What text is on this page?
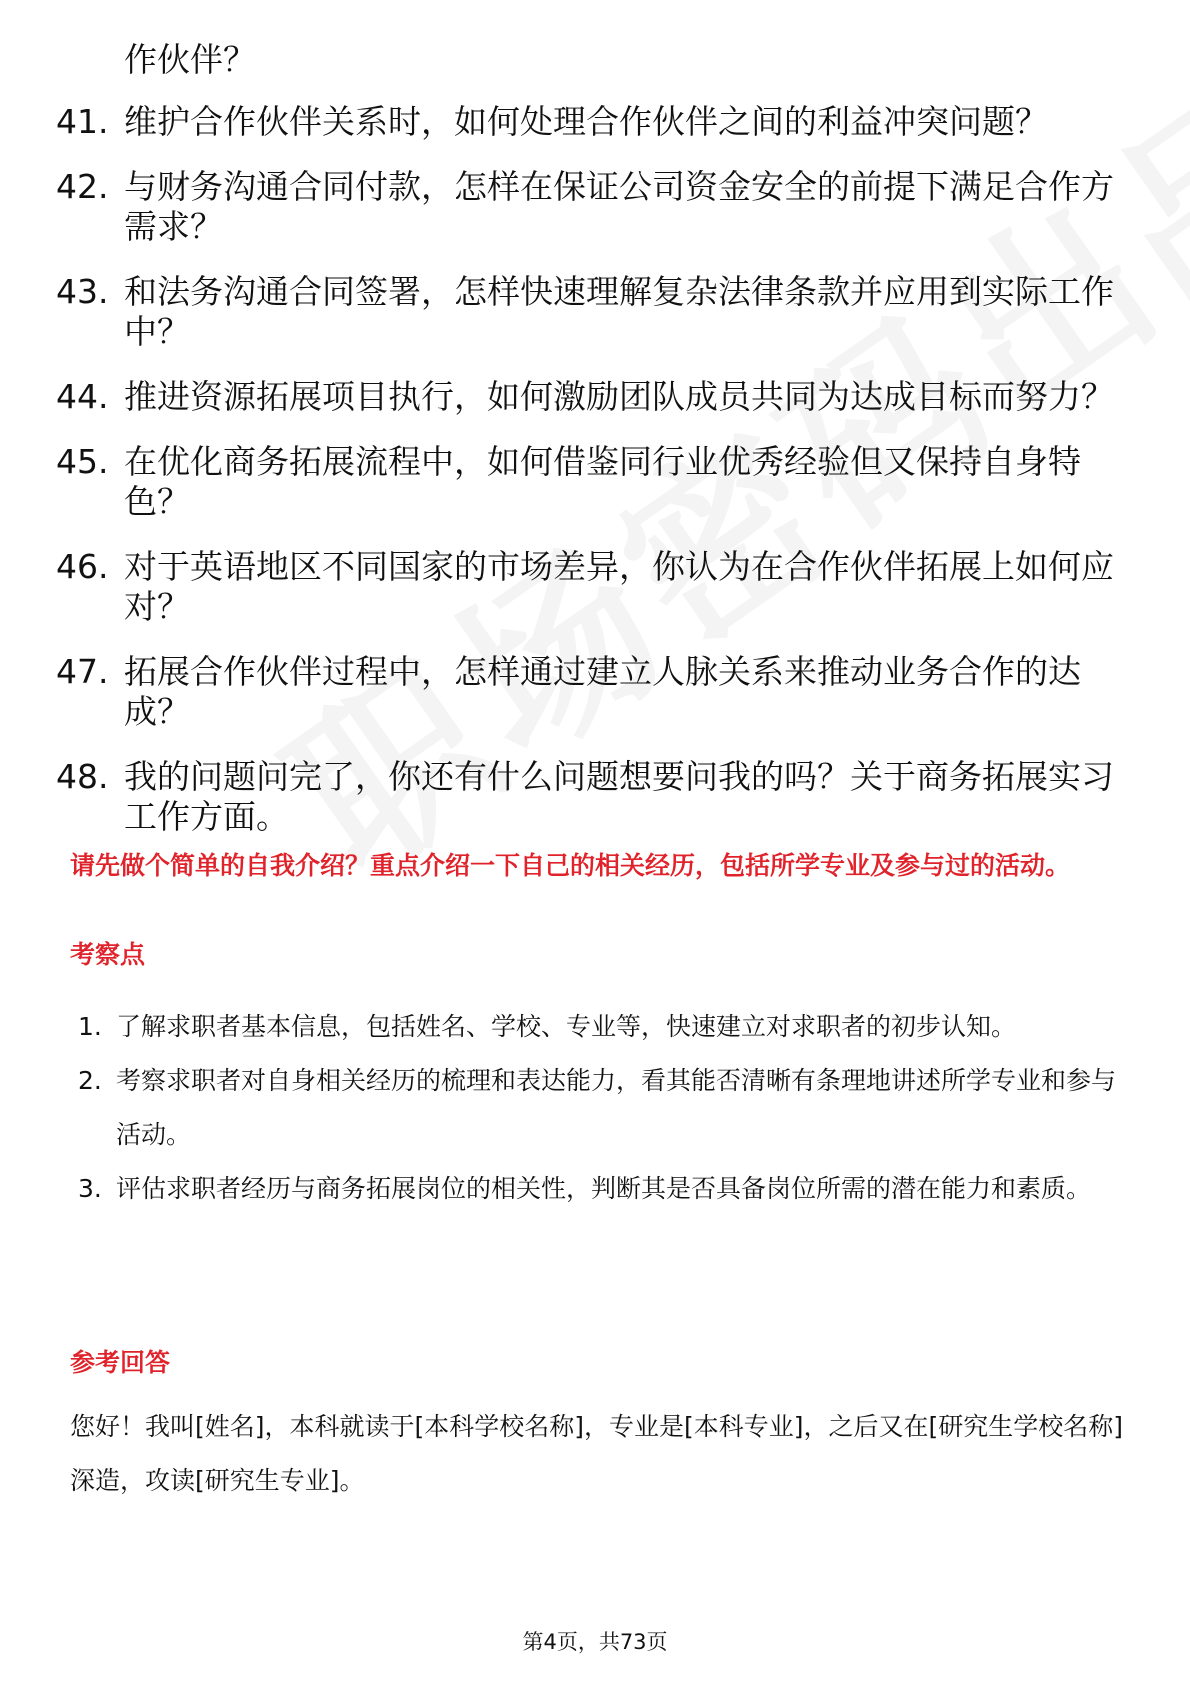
作伙伴？
41. 维护合作伙伴关系时，如何处理合作伙伴之间的利益冲突问题？
42. 与财务沟通合同付款，怎样在保证公司资金安全的前提下满足合作方需求？
43. 和法务沟通合同签署，怎样快速理解复杂法律条款并应用到实际工作中？
44. 推进资源拓展项目执行，如何激励团队成员共同为达成目标而努力？
45. 在优化商务拓展流程中，如何借鉴同行业优秀经验但又保持自身特色？
46. 对于英语地区不同国家的市场差异，你认为在合作伙伴拓展上如何应对？
47. 拓展合作伙伴过程中，怎样通过建立人脉关系来推动业务合作的达成？
48. 我的问题问完了，你还有什么问题想要问我的吗？关于商务拓展实习工作方面。
请先做个简单的自我介绍？重点介绍一下自己的相关经历，包括所学专业及参与过的活动。
考察点
1. 了解求职者基本信息，包括姓名、学校、专业等，快速建立对求职者的初步认知。
2. 考察求职者对自身相关经历的梳理和表达能力，看其能否清晰有条理地讲述所学专业和参与活动。
3. 评估求职者经历与商务拓展岗位的相关性，判断其是否具备岗位所需的潜在能力和素质。
参考回答
您好！我叫[姓名]，本科就读于[本科学校名称]，专业是[本科专业]，之后又在[研究生学校名称]深造，攻读[研究生专业]。
第4页，共73页
